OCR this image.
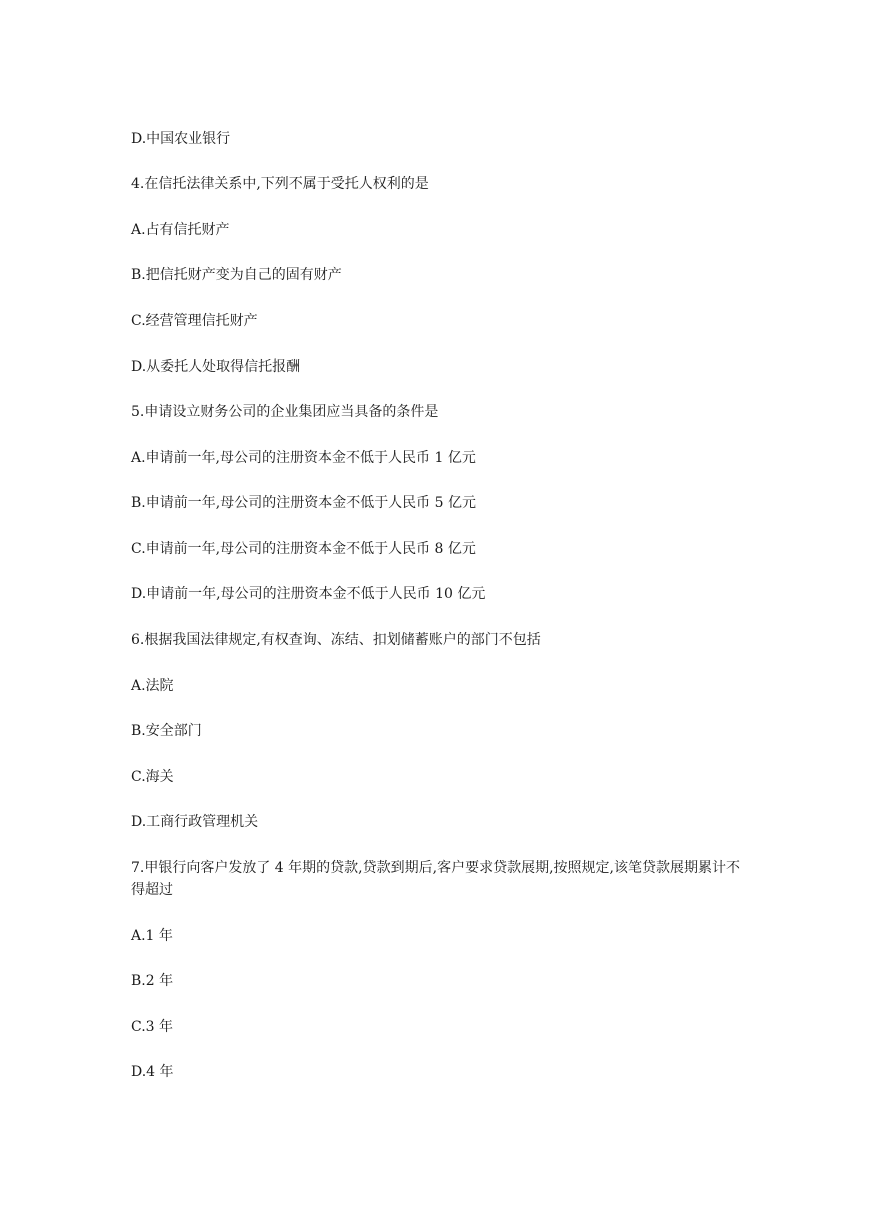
D.中国农业银行
4.在信托法律关系中,下列不属于受托人权利的是
A.占有信托财产
B.把信托财产变为自己的固有财产
C.经营管理信托财产
D.从委托人处取得信托报酬
5.申请设立财务公司的企业集团应当具备的条件是
A.申请前一年,母公司的注册资本金不低于人民币 1 亿元
B.申请前一年,母公司的注册资本金不低于人民币 5 亿元
C.申请前一年,母公司的注册资本金不低于人民币 8 亿元
D.申请前一年,母公司的注册资本金不低于人民币 10 亿元
6.根据我国法律规定,有权查询、冻结、扣划储蓄账户的部门不包括
A.法院
B.安全部门
C.海关
D.工商行政管理机关
7.甲银行向客户发放了 4 年期的贷款,贷款到期后,客户要求贷款展期,按照规定,该笔贷款展期累计不得超过
A.1 年
B.2 年
C.3 年
D.4 年
